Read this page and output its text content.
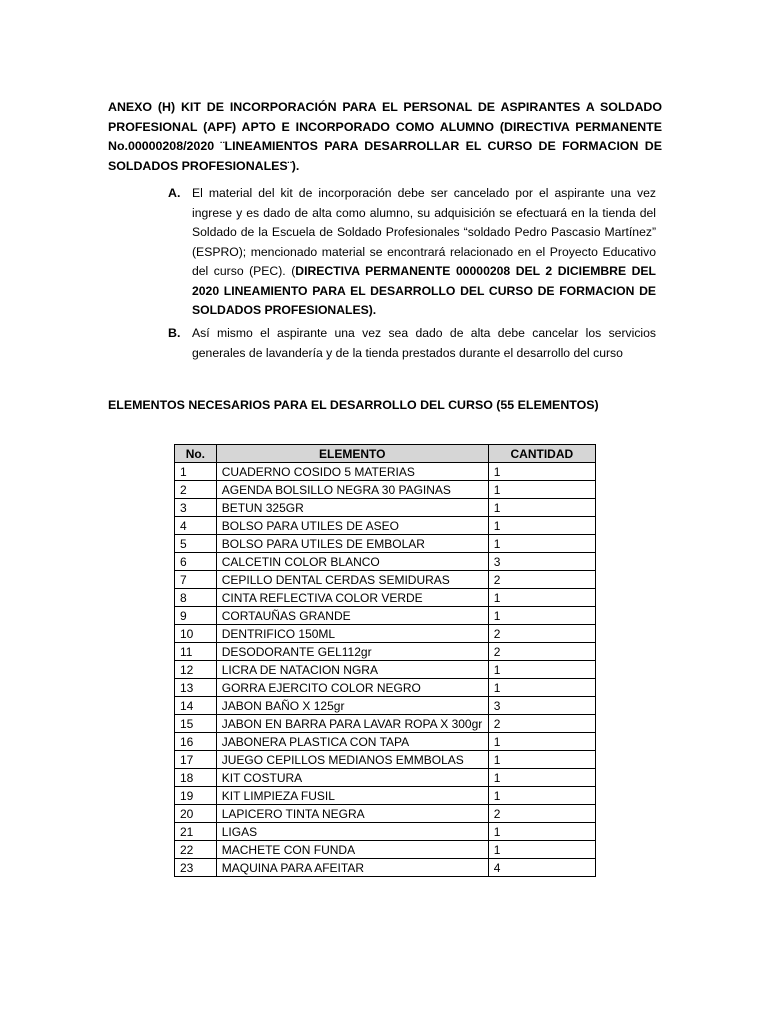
ANEXO (H) KIT DE INCORPORACIÓN PARA EL PERSONAL DE ASPIRANTES A SOLDADO PROFESIONAL (APF) APTO E INCORPORADO COMO ALUMNO (DIRECTIVA PERMANENTE No.00000208/2020 ¨LINEAMIENTOS PARA DESARROLLAR EL CURSO DE FORMACION DE SOLDADOS PROFESIONALES¨).

A. El material del kit de incorporación debe ser cancelado por el aspirante una vez ingrese y es dado de alta como alumno, su adquisición se efectuará en la tienda del Soldado de la Escuela de Soldado Profesionales “soldado Pedro Pascasio Martínez” (ESPRO); mencionado material se encontrará relacionado en el Proyecto Educativo del curso (PEC). (DIRECTIVA PERMANENTE 00000208 DEL 2 DICIEMBRE DEL 2020 LINEAMIENTO PARA EL DESARROLLO DEL CURSO DE FORMACION DE SOLDADOS PROFESIONALES).
B. Así mismo el aspirante una vez sea dado de alta debe cancelar los servicios generales de lavandería y de la tienda prestados durante el desarrollo del curso

ELEMENTOS NECESARIOS PARA EL DESARROLLO DEL CURSO (55 ELEMENTOS)

No.	ELEMENTO	CANTIDAD
1	CUADERNO COSIDO 5 MATERIAS	1
2	AGENDA BOLSILLO NEGRA 30 PAGINAS	1
3	BETUN 325GR	1
4	BOLSO PARA UTILES DE ASEO	1
5	BOLSO PARA UTILES DE EMBOLAR	1
6	CALCETIN COLOR BLANCO	3
7	CEPILLO DENTAL CERDAS SEMIDURAS	2
8	CINTA REFLECTIVA COLOR VERDE	1
9	CORTAUÑAS GRANDE	1
10	DENTRIFICO 150ML	2
11	DESODORANTE GEL112gr	2
12	LICRA DE NATACION NGRA	1
13	GORRA EJERCITO COLOR NEGRO	1
14	JABON BAÑO X 125gr	3
15	JABON EN BARRA PARA LAVAR ROPA X 300gr	2
16	JABONERA PLASTICA CON TAPA	1
17	JUEGO CEPILLOS MEDIANOS EMMBOLAS	1
18	KIT COSTURA	1
19	KIT LIMPIEZA FUSIL	1
20	LAPICERO TINTA NEGRA	2
21	LIGAS	1
22	MACHETE CON FUNDA	1
23	MAQUINA PARA AFEITAR	4
